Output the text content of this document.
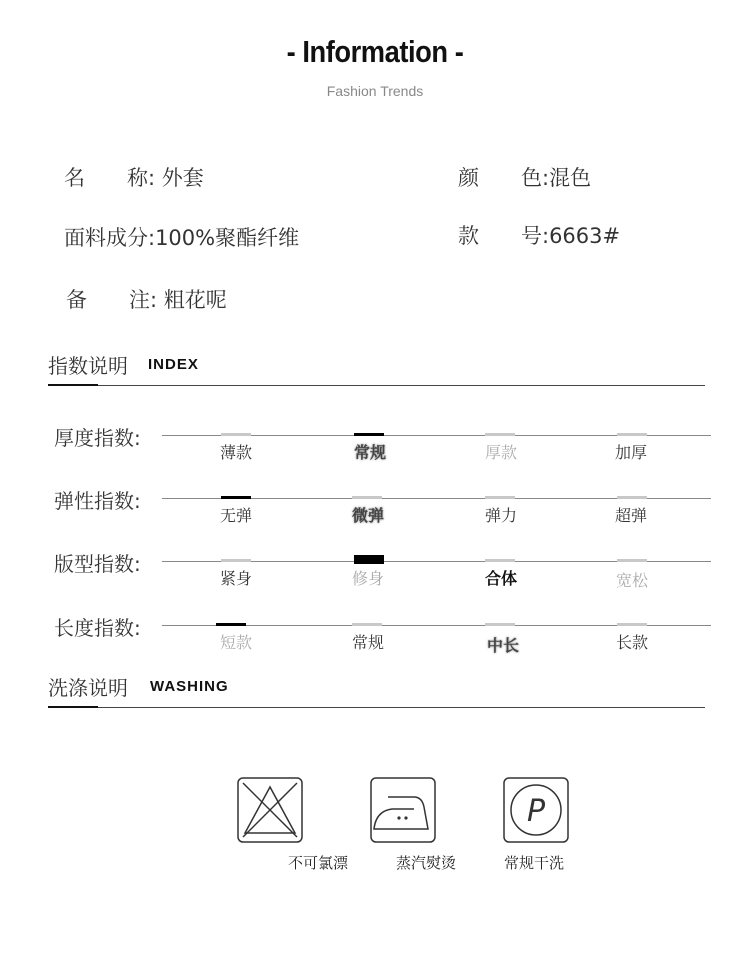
- Information -
Fashion Trends
名　　称: 外套	颜　　色:混色
面料成分:100%聚酯纤维	款　　号:6663#
备　　注: 粗花呢
指数说明 INDEX
厚度指数:
薄款	常规	厚款	加厚
弹性指数:
无弹	微弹	弹力	超弹
版型指数:
紧身	修身	合体	宽松
长度指数:
短款	常规	中长	长款
洗涤说明 WASHING
P
不可氯漂	蒸汽熨烫	常规干洗
